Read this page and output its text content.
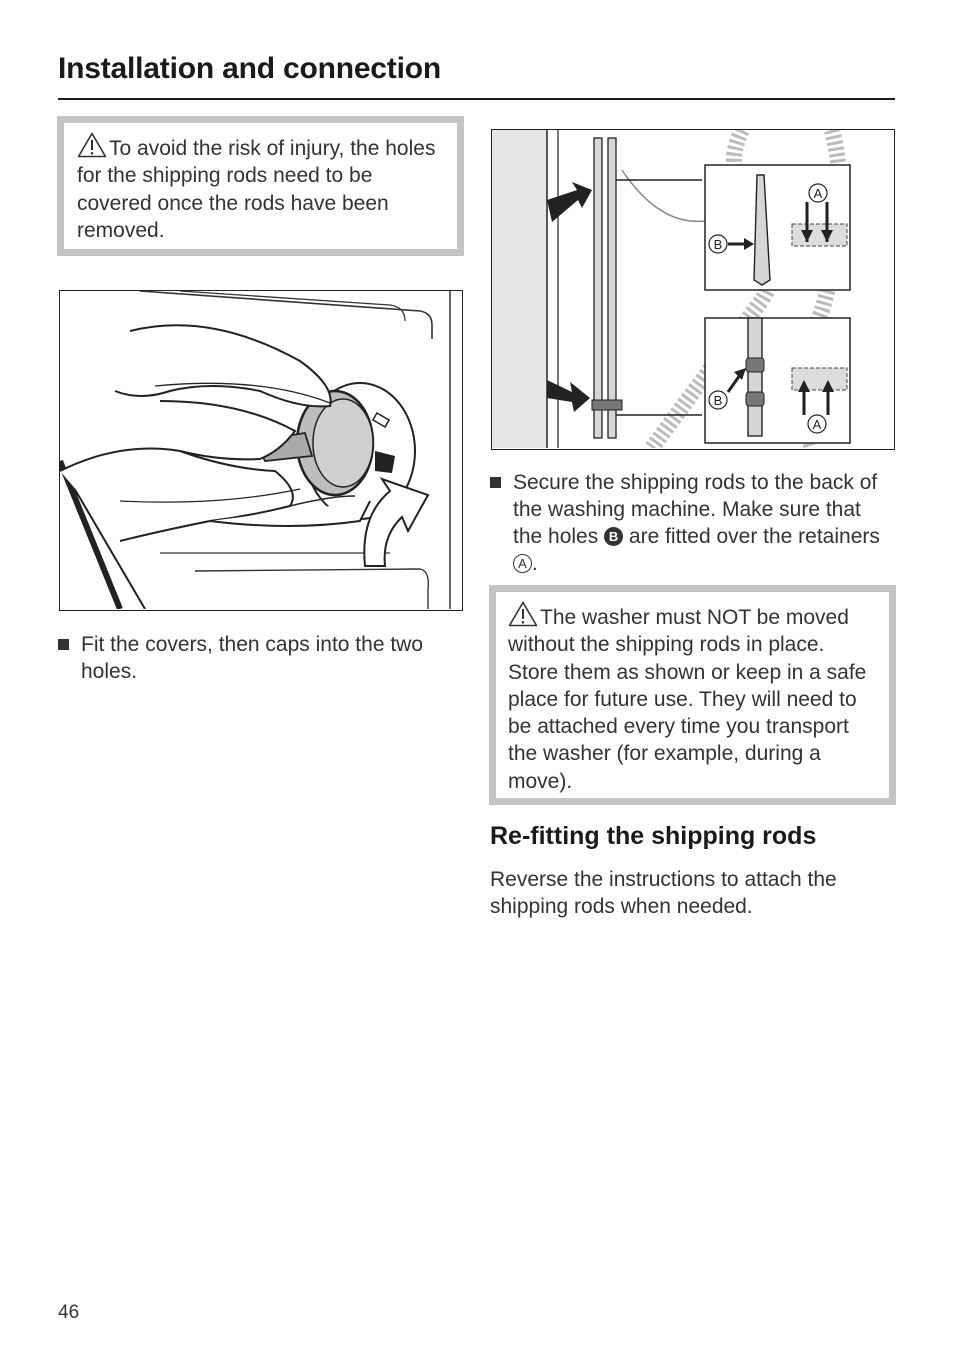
Installation and connection
To avoid the risk of injury, the holes for the shipping rods need to be covered once the rods have been removed.
Fit the covers, then caps into the two holes.
A
B
A
B
Secure the shipping rods to the back of the washing machine. Make sure that the holes B are fitted over the retainers A .
The washer must NOT be moved without the shipping rods in place. Store them as shown or keep in a safe place for future use. They will need to be attached every time you transport the washer (for example, during a move).
Re-fitting the shipping rods
Reverse the instructions to attach the shipping rods when needed.
46
